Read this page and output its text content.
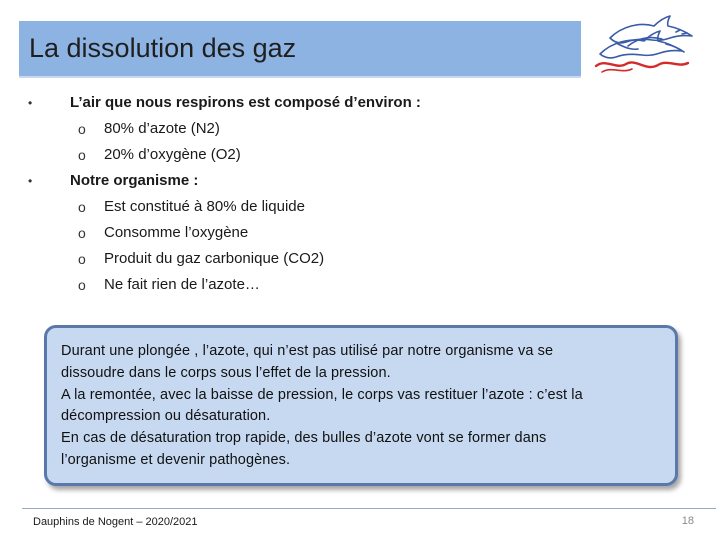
La dissolution des gaz
•	L’air que nous respirons est composé d’environ :
o 80% d’azote (N2)
o 20% d’oxygène (O2)
•	Notre organisme :
o Est constitué à 80% de liquide
o Consomme l’oxygène
o Produit du gaz carbonique (CO2)
o Ne fait rien de l’azote…

Durant une plongée , l’azote, qui n’est pas utilisé par notre organisme va se

dissoudre dans le corps sous l’effet de la pression.

A la remontée, avec la baisse de pression, le corps vas restituer l’azote : c’est la

décompression ou désaturation.

En cas de désaturation trop rapide, des bulles d’azote vont se former dans

l’organisme et devenir pathogènes.

Dauphins de Nogent – 2020/2021	18
